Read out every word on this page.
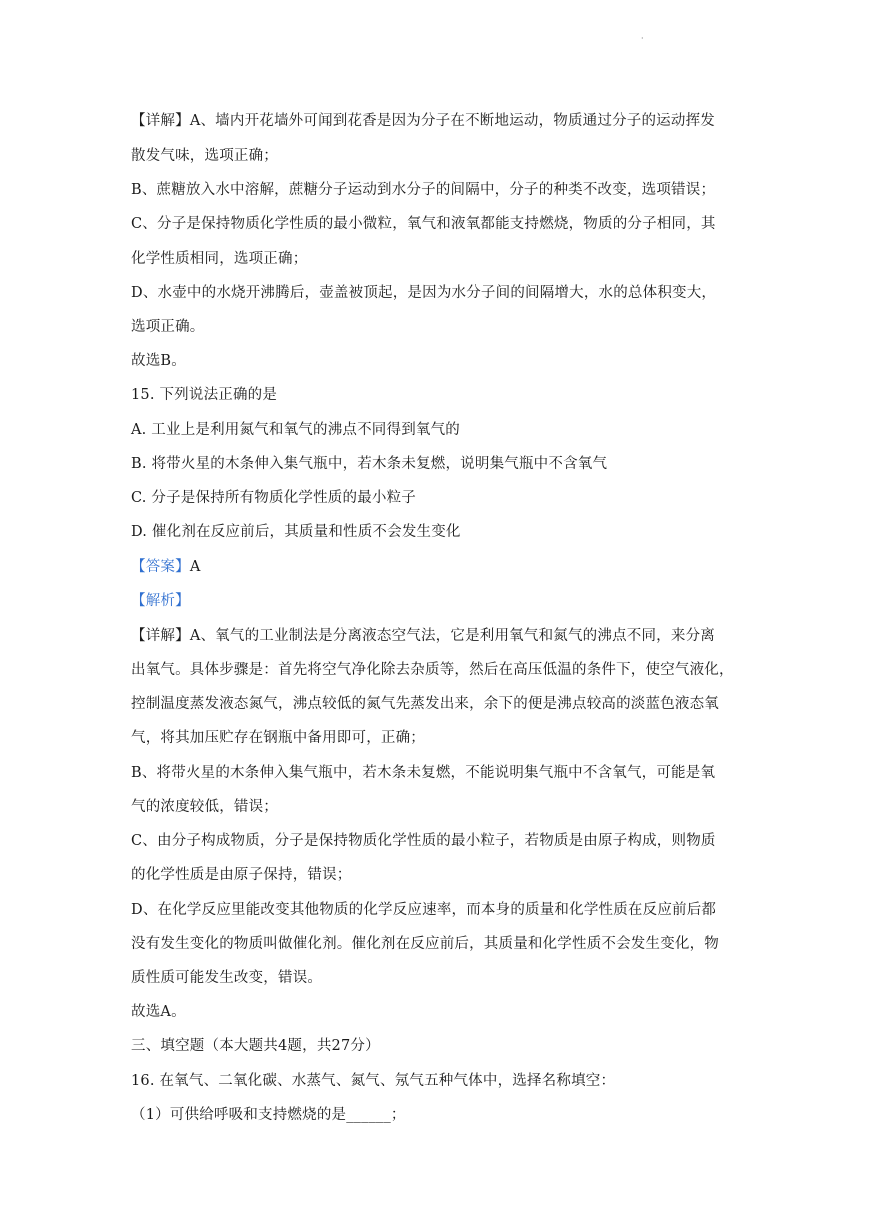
·
【详解】A、墙内开花墙外可闻到花香是因为分子在不断地运动，物质通过分子的运动挥发
散发气味，选项正确；
B、蔗糖放入水中溶解，蔗糖分子运动到水分子的间隔中，分子的种类不改变，选项错误；
C、分子是保持物质化学性质的最小微粒，氧气和液氧都能支持燃烧，物质的分子相同，其
化学性质相同，选项正确；
D、水壶中的水烧开沸腾后，壶盖被顶起，是因为水分子间的间隔增大，水的总体积变大，
选项正确。
故选B。
15. 下列说法正确的是
A. 工业上是利用氮气和氧气的沸点不同得到氧气的
B. 将带火星的木条伸入集气瓶中，若木条未复燃，说明集气瓶中不含氧气
C. 分子是保持所有物质化学性质的最小粒子
D. 催化剂在反应前后，其质量和性质不会发生变化
【答案】A
【解析】
【详解】A、氧气的工业制法是分离液态空气法，它是利用氧气和氮气的沸点不同，来分离
出氧气。具体步骤是：首先将空气净化除去杂质等，然后在高压低温的条件下，使空气液化，
控制温度蒸发液态氮气，沸点较低的氮气先蒸发出来，余下的便是沸点较高的淡蓝色液态氧
气，将其加压贮存在钢瓶中备用即可，正确；
B、将带火星的木条伸入集气瓶中，若木条未复燃，不能说明集气瓶中不含氧气，可能是氧
气的浓度较低，错误；
C、由分子构成物质，分子是保持物质化学性质的最小粒子，若物质是由原子构成，则物质
的化学性质是由原子保持，错误；
D、在化学反应里能改变其他物质的化学反应速率，而本身的质量和化学性质在反应前后都
没有发生变化的物质叫做催化剂。催化剂在反应前后，其质量和化学性质不会发生变化，物
质性质可能发生改变，错误。
故选A。
三、填空题（本大题共4题，共27分）
16. 在氧气、二氧化碳、水蒸气、氮气、氖气五种气体中，选择名称填空：
（1）可供给呼吸和支持燃烧的是______；
